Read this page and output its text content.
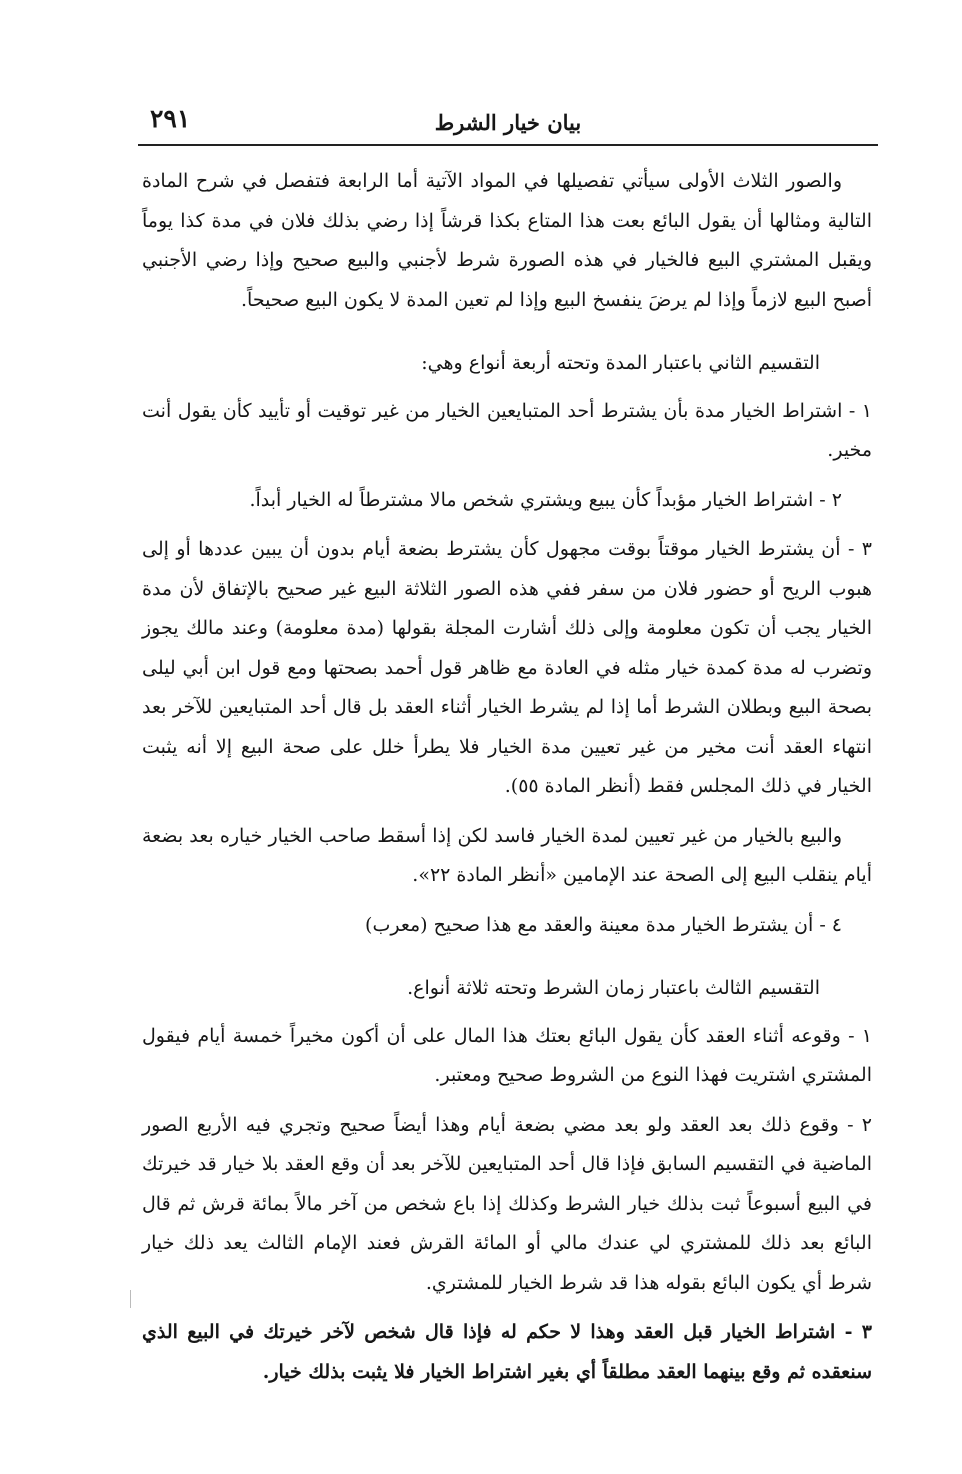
٢٩١	بيان خيار الشرط

والصور الثلاث الأولى سيأتي تفصيلها في المواد الآتية أما الرابعة فتفصل في شرح المادة التالية ومثالها أن يقول البائع بعت هذا المتاع بكذا قرشاً إذا رضي بذلك فلان في مدة كذا يوماً ويقبل المشتري البيع فالخيار في هذه الصورة شرط لأجنبي والبيع صحيح وإذا رضي الأجنبي أصبح البيع لازماً وإذا لم يرضَ ينفسخ البيع وإذا لم تعين المدة لا يكون البيع صحيحاً.

التقسيم الثاني باعتبار المدة وتحته أربعة أنواع وهي:

١ - اشتراط الخيار مدة بأن يشترط أحد المتبايعين الخيار من غير توقيت أو تأييد كأن يقول أنت مخير.

٢ - اشتراط الخيار مؤبداً كأن يبيع ويشتري شخص مالا مشترطاً له الخيار أبداً.

٣ - أن يشترط الخيار موقتاً بوقت مجهول كأن يشترط بضعة أيام بدون أن يبين عددها أو إلى هبوب الريح أو حضور فلان من سفر ففي هذه الصور الثلاثة البيع غير صحيح بالإتفاق لأن مدة الخيار يجب أن تكون معلومة وإلى ذلك أشارت المجلة بقولها (مدة معلومة) وعند مالك يجوز وتضرب له مدة كمدة خيار مثله في العادة مع ظاهر قول أحمد بصحتها ومع قول ابن أبي ليلى بصحة البيع وبطلان الشرط أما إذا لم يشرط الخيار أثناء العقد بل قال أحد المتبايعين للآخر بعد انتهاء العقد أنت مخير من غير تعيين مدة الخيار فلا يطرأ خلل على صحة البيع إلا أنه يثبت الخيار في ذلك المجلس فقط (أنظر المادة ٥٥).

والبيع بالخيار من غير تعيين لمدة الخيار فاسد لكن إذا أسقط صاحب الخيار خياره بعد بضعة أيام ينقلب البيع إلى الصحة عند الإمامين «أنظر المادة ٢٢».

٤ - أن يشترط الخيار مدة معينة والعقد مع هذا صحيح (معرب)

التقسيم الثالث باعتبار زمان الشرط وتحته ثلاثة أنواع.

١ - وقوعه أثناء العقد كأن يقول البائع بعتك هذا المال على أن أكون مخيراً خمسة أيام فيقول المشتري اشتريت فهذا النوع من الشروط صحيح ومعتبر.

٢ - وقوع ذلك بعد العقد ولو بعد مضي بضعة أيام وهذا أيضاً صحيح وتجري فيه الأربع الصور الماضية في التقسيم السابق فإذا قال أحد المتبايعين للآخر بعد أن وقع العقد بلا خيار قد خيرتك في البيع أسبوعاً ثبت بذلك خيار الشرط وكذلك إذا باع شخص من آخر مالاً بمائة قرش ثم قال البائع بعد ذلك للمشتري لي عندك مالي أو المائة القرش فعند الإمام الثالث يعد ذلك خيار شرط أي يكون البائع بقوله هذا قد شرط الخيار للمشتري.

٣ - اشتراط الخيار قبل العقد وهذا لا حكم له فإذا قال شخص لآخر خيرتك في البيع الذي سنعقده ثم وقع بينهما العقد مطلقاً أي بغير اشتراط الخيار فلا يثبت بذلك خيار.
